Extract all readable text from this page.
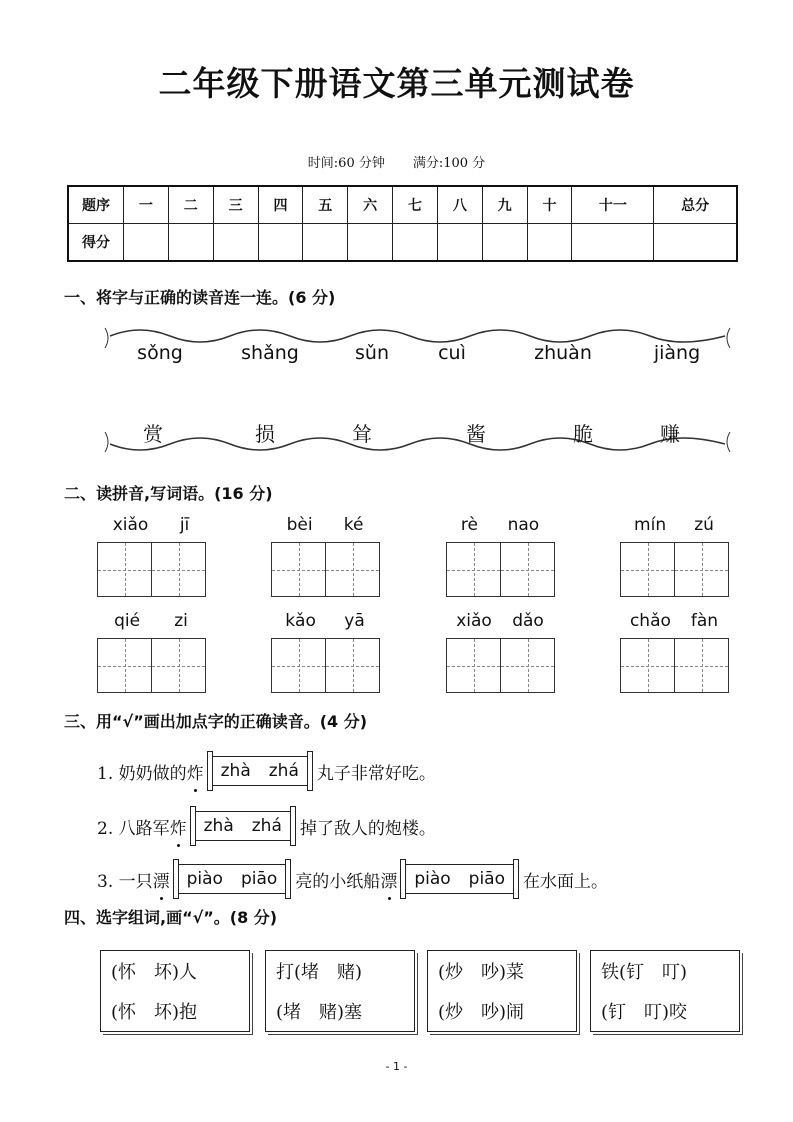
二年级下册语文第三单元测试卷
时间:60 分钟 满分:100 分
题序	一	二	三	四	五	六	七	八	九	十	十一	总分
得分												
一、将字与正确的读音连一连。(6 分)
二、读拼音,写词语。(16 分)
三、用“√”画出加点字的正确读音。(4 分)
1. 奶奶做的 炸 zhà zhá 丸子非常好吃。
2. 八路军 炸 zhà zhá 掉了敌人的炮楼。
3. 一只 漂 piào piāo 亮的小纸船 漂 piào piāo 在水面上。
四、选字组词,画“√”。(8 分)
- 1 -
sǒng	shǎng	sǔn	cuì	zhuàn	jiàng
赏	损	耸	酱	脆	赚
xiǎo jī	bèi ké	rè nao	mín zú
qié zi	kǎo yā	xiǎo dǎo	chǎo fàn
(怀　坏)人
(怀　坏)抱
打(堵　赌)
(堵　赌)塞
(炒　吵)菜
(炒　吵)闹
铁(钉　叮)
(钉　叮)咬
